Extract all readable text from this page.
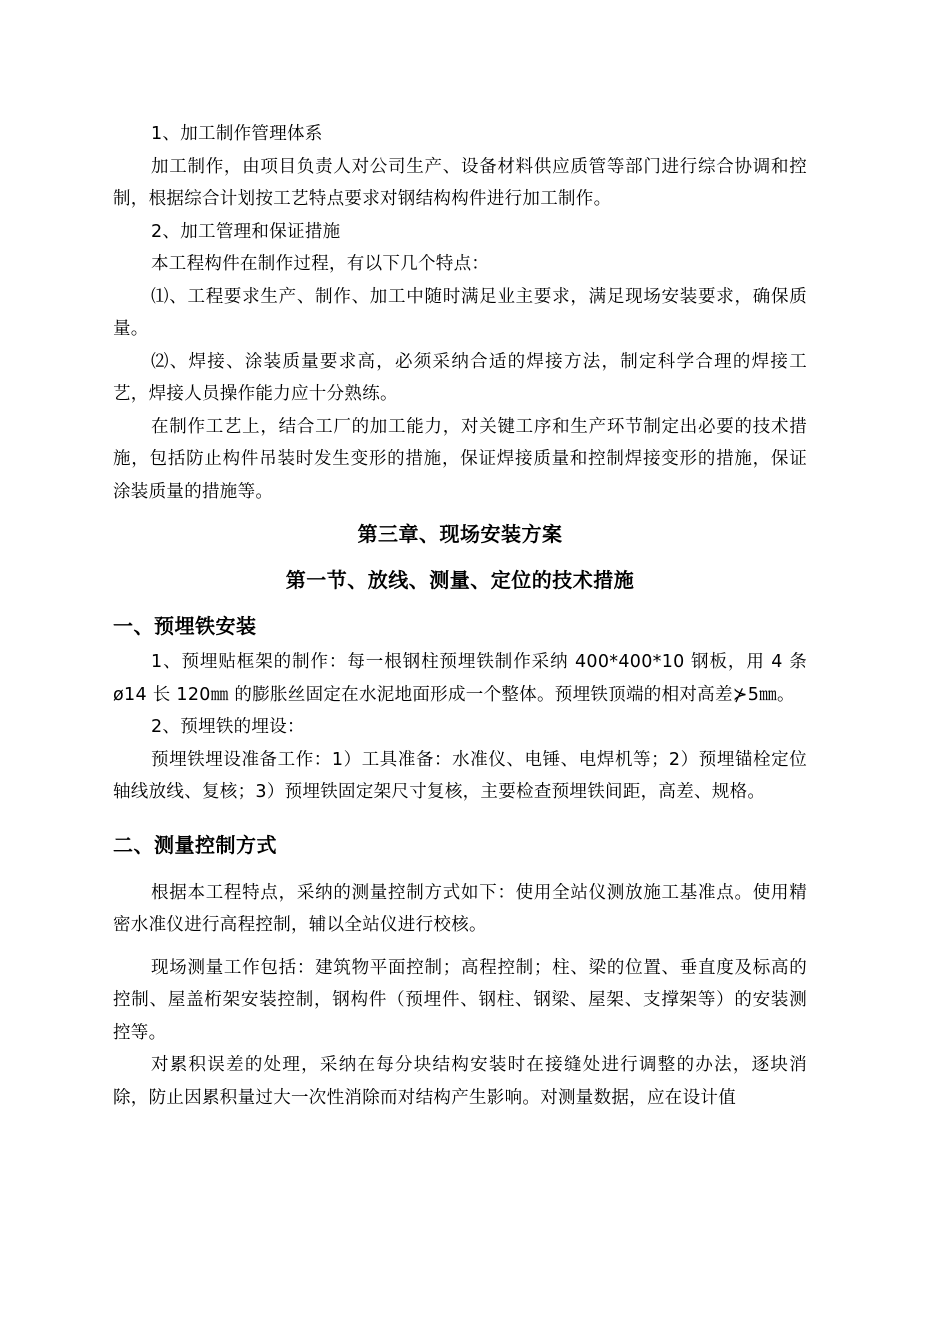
1、加工制作管理体系

加工制作，由项目负责人对公司生产、设备材料供应质管等部门进行综合协调和控制，根据综合计划按工艺特点要求对钢结构构件进行加工制作。

2、加工管理和保证措施

本工程构件在制作过程，有以下几个特点：

⑴、工程要求生产、制作、加工中随时满足业主要求，满足现场安装要求，确保质量。

⑵、焊接、涂装质量要求高，必须采纳合适的焊接方法，制定科学合理的焊接工艺，焊接人员操作能力应十分熟练。

在制作工艺上，结合工厂的加工能力，对关键工序和生产环节制定出必要的技术措施，包括防止构件吊装时发生变形的措施，保证焊接质量和控制焊接变形的措施，保证涂装质量的措施等。

第三章、现场安装方案
第一节、放线、测量、定位的技术措施
一、预埋铁安装

1、预埋贴框架的制作：每一根钢柱预埋铁制作采纳 400*400*10 钢板，用 4 条ø14 长 120㎜ 的膨胀丝固定在水泥地面形成一个整体。预埋铁顶端的相对高差⊁5㎜。

2、预埋铁的埋设：

预埋铁埋设准备工作：1）工具准备：水准仪、电锤、电焊机等；2）预埋锚栓定位轴线放线、复核；3）预埋铁固定架尺寸复核，主要检查预埋铁间距，高差、规格。

二、测量控制方式

根据本工程特点，采纳的测量控制方式如下：使用全站仪测放施工基准点。使用精密水准仪进行高程控制，辅以全站仪进行校核。

现场测量工作包括：建筑物平面控制；高程控制；柱、梁的位置、垂直度及标高的控制、屋盖桁架安装控制，钢构件（预埋件、钢柱、钢梁、屋架、支撑架等）的安装测控等。

对累积误差的处理，采纳在每分块结构安装时在接缝处进行调整的办法，逐块消除，防止因累积量过大一次性消除而对结构产生影响。对测量数据，应在设计值
